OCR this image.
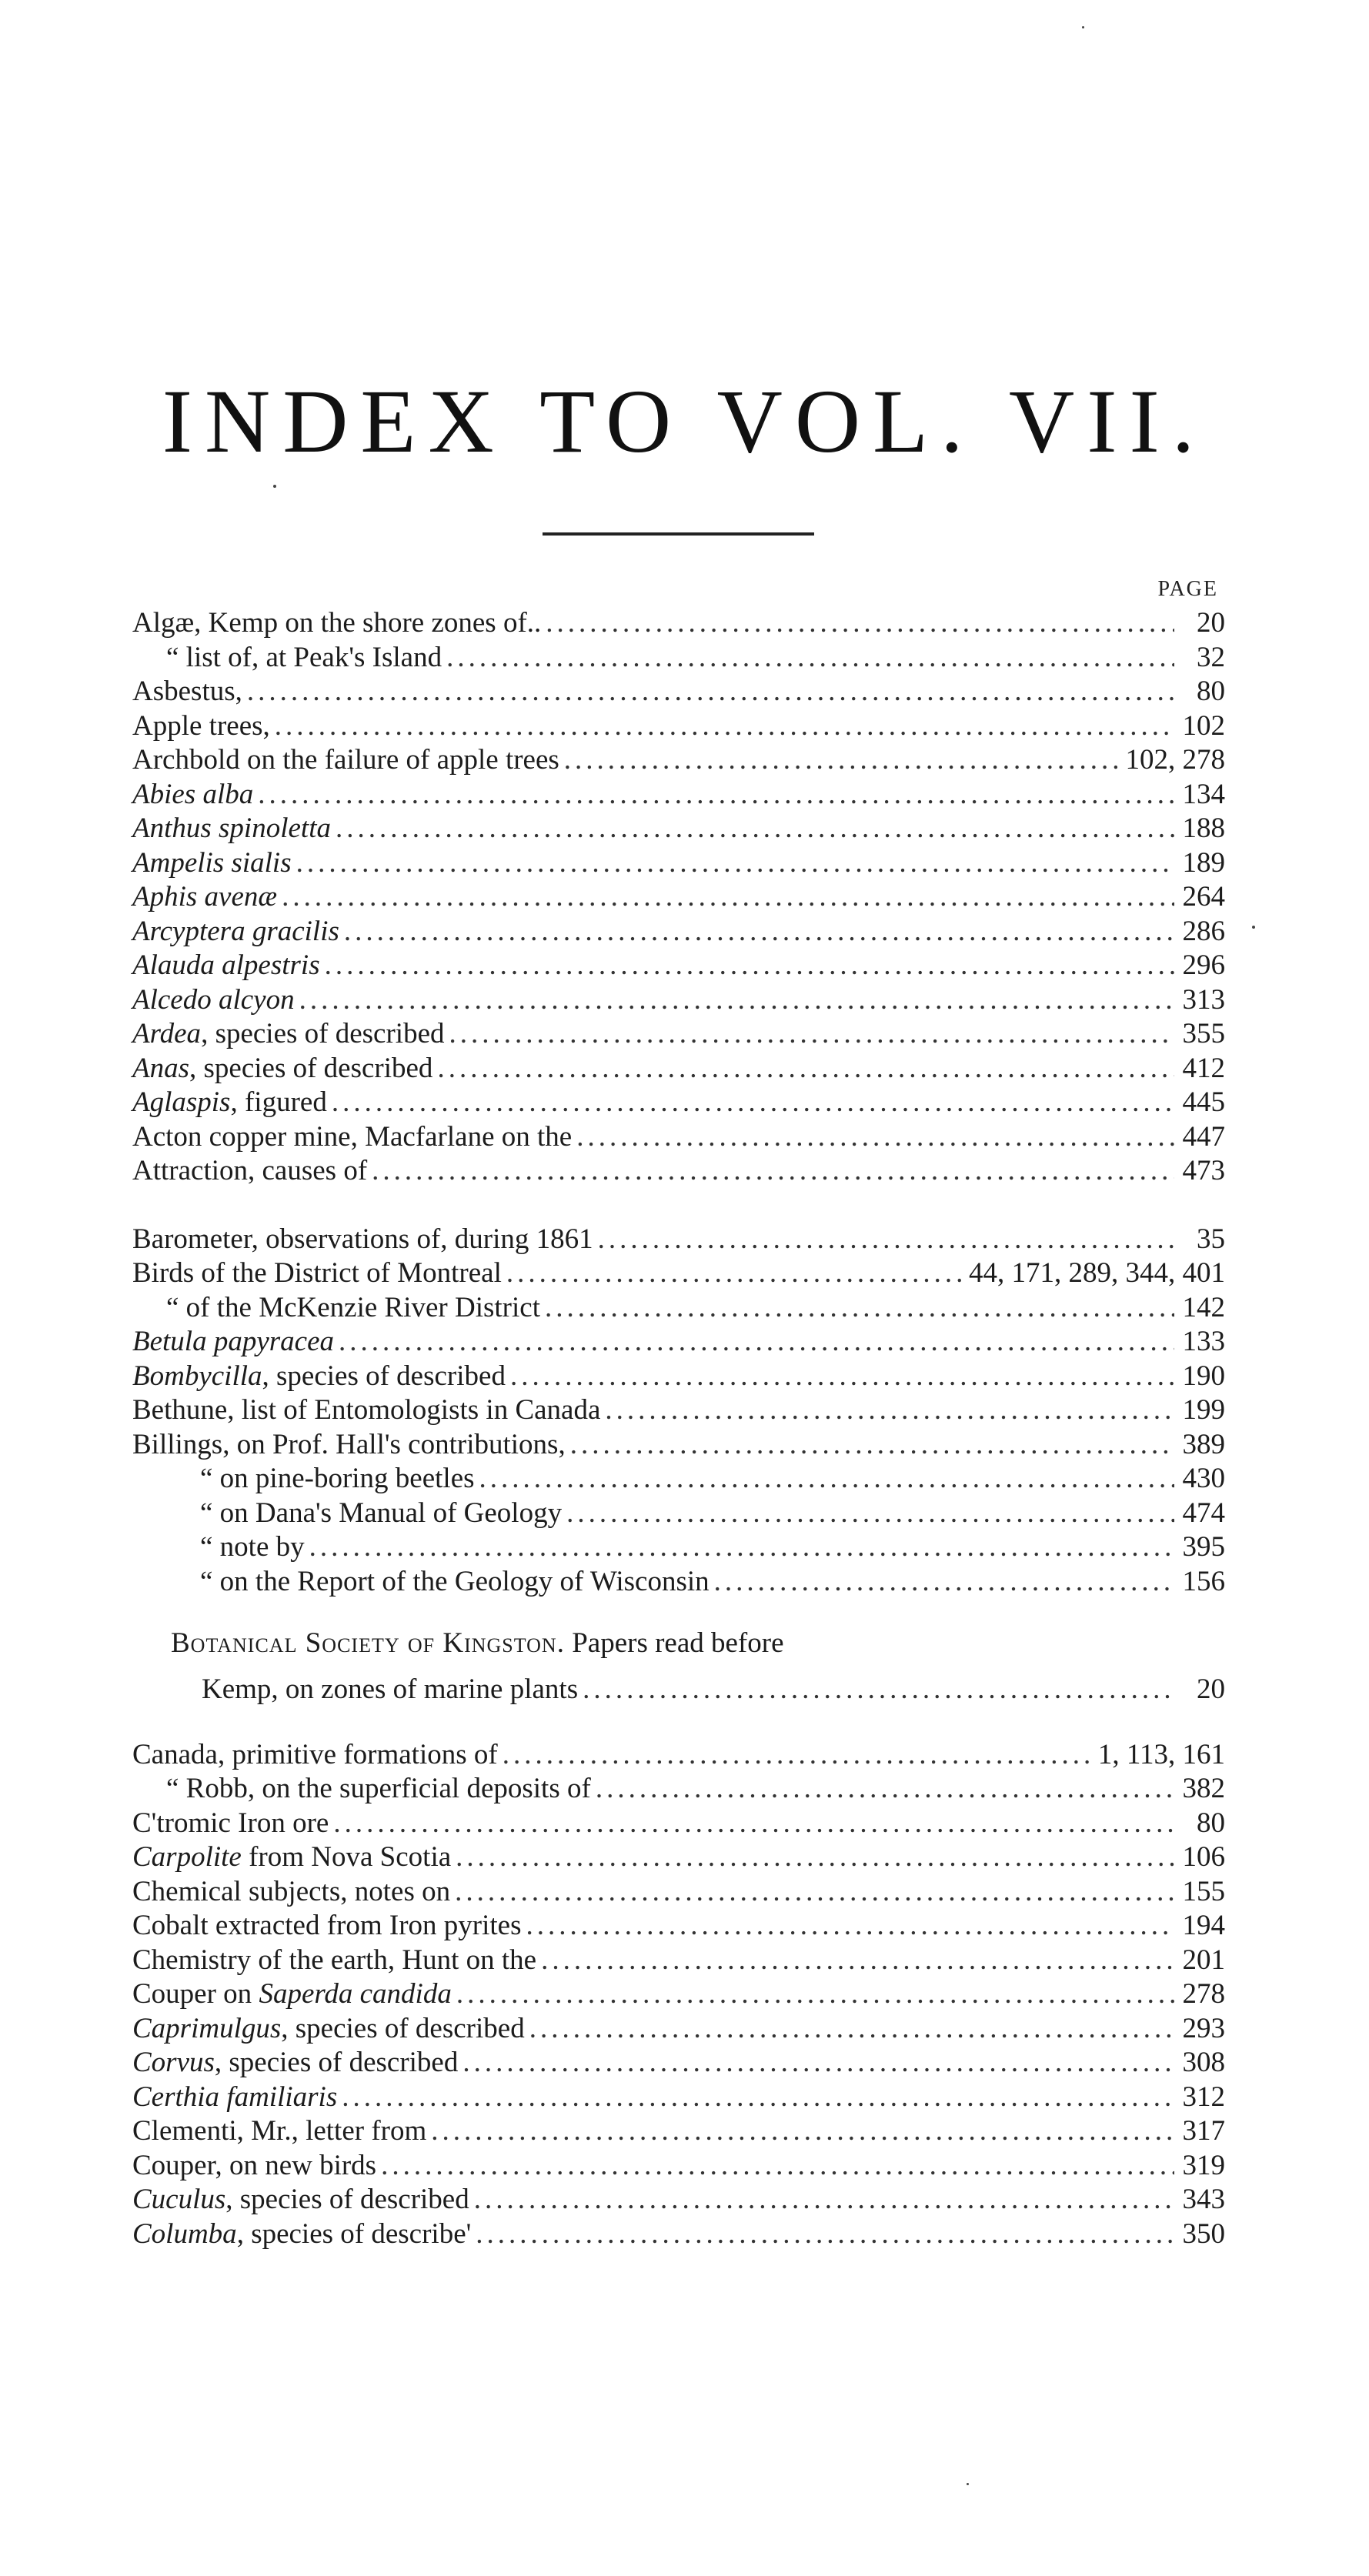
INDEX TO VOL. VII.
PAGE
Algæ, Kemp on the shore zones of.. .....	20
“ list of, at Peak's Island .....	32
Asbestus, .....	80
Apple trees, .....	102
Archbold on the failure of apple trees .....	102, 278
Abies alba .....	134
Anthus spinoletta .....	188
Ampelis sialis .....	189
Aphis avenæ .....	264
Arcyptera gracilis .....	286
Alauda alpestris .....	296
Alcedo alcyon .....	313
Ardea, species of described .....	355
Anas, species of described .....	412
Aglaspis, figured .....	445
Acton copper mine, Macfarlane on the .....	447
Attraction, causes of .....	473
Barometer, observations of, during 1861 .....	35
Birds of the District of Montreal .....	44, 171, 289, 344, 401
“ of the McKenzie River District .....	142
Betula papyracea .....	133
Bombycilla, species of described .....	190
Bethune, list of Entomologists in Canada .....	199
Billings, on Prof. Hall's contributions, .....	389
“ on pine-boring beetles .....	430
“ on Dana's Manual of Geology .....	474
“ note by .....	395
“ on the Report of the Geology of Wisconsin .....	156
Botanical Society of Kingston. Papers read before
Kemp, on zones of marine plants .....	20
Canada, primitive formations of .....	1, 113, 161
“ Robb, on the superficial deposits of .....	382
C'tromic Iron ore .....	80
Carpolite from Nova Scotia .....	106
Chemical subjects, notes on .....	155
Cobalt extracted from Iron pyrites .....	194
Chemistry of the earth, Hunt on the .....	201
Couper on Saperda candida .....	278
Caprimulgus, species of described .....	293
Corvus, species of described .....	308
Certhia familiaris .....	312
Clementi, Mr., letter from .....	317
Couper, on new birds .....	319
Cuculus, species of described .....	343
Columba, species of describe' .....	350
